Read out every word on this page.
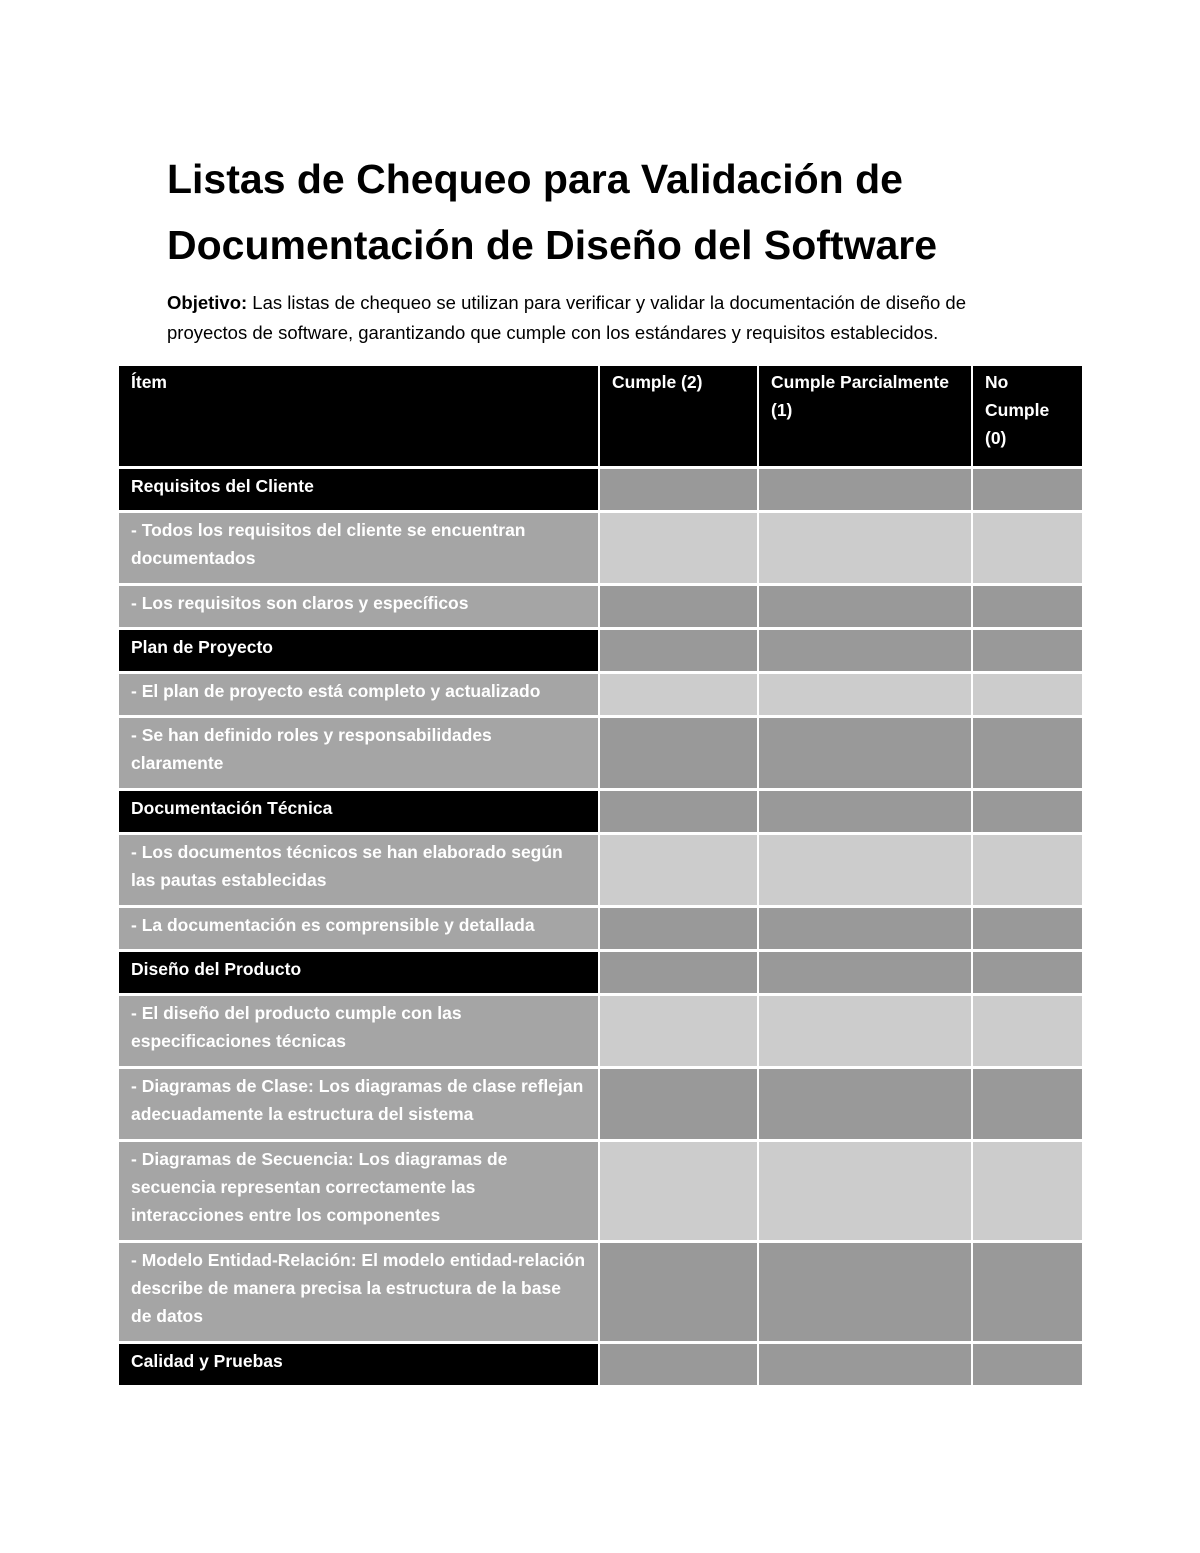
Listas de Chequeo para Validación de
Documentación de Diseño del Software

Objetivo: Las listas de chequeo se utilizan para verificar y validar la documentación de diseño de proyectos de software, garantizando que cumple con los estándares y requisitos establecidos.

Ítem	Cumple (2)	Cumple Parcialmente (1)	No Cumple (0)
Requisitos del Cliente			
- Todos los requisitos del cliente se encuentran documentados			
- Los requisitos son claros y específicos			
Plan de Proyecto			
- El plan de proyecto está completo y actualizado			
- Se han definido roles y responsabilidades claramente			
Documentación Técnica			
- Los documentos técnicos se han elaborado según las pautas establecidas			
- La documentación es comprensible y detallada			
Diseño del Producto			
- El diseño del producto cumple con las especificaciones técnicas			
- Diagramas de Clase: Los diagramas de clase reflejan adecuadamente la estructura del sistema			
- Diagramas de Secuencia: Los diagramas de secuencia representan correctamente las interacciones entre los componentes			
- Modelo Entidad-Relación: El modelo entidad-relación describe de manera precisa la estructura de la base de datos			
Calidad y Pruebas			
